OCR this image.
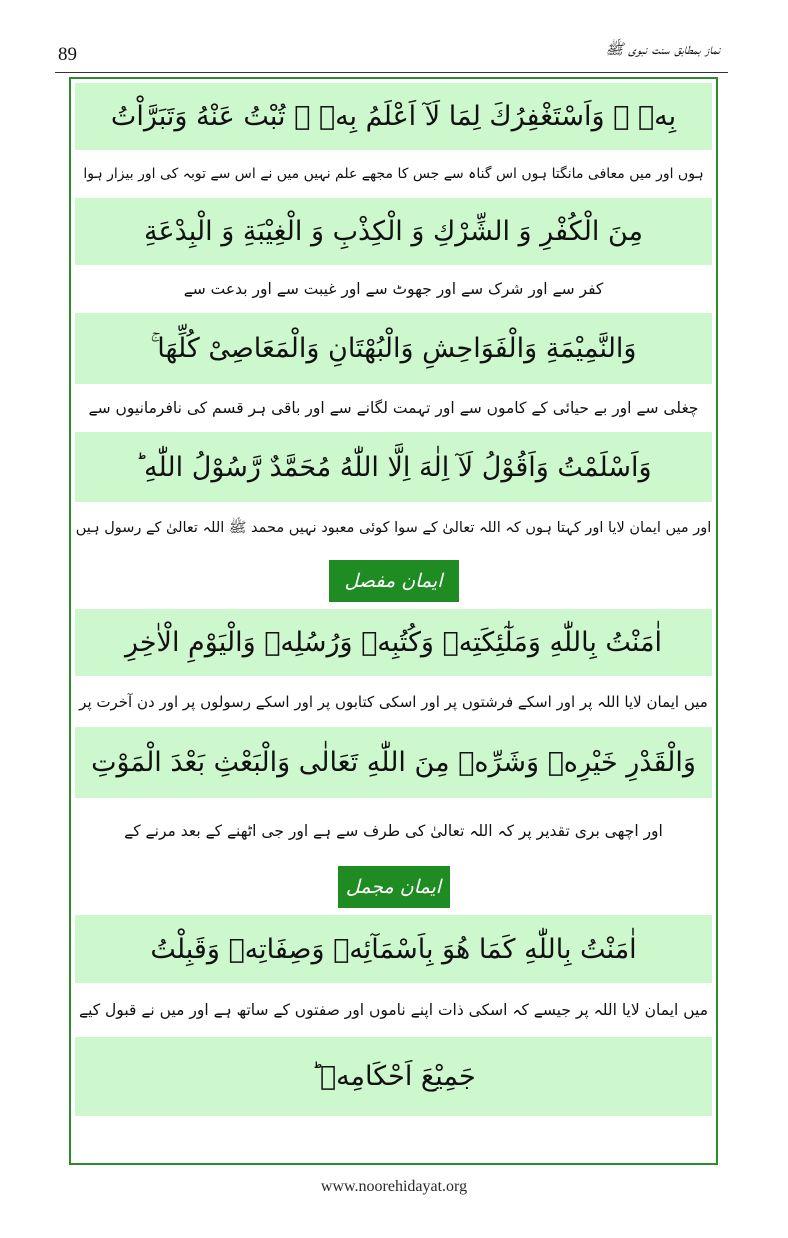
89	نماز بمطابق سنت نبوی ﷺ
بِهٖ ۚ وَاَسْتَغْفِرُكَ لِمَا لَآ اَعْلَمُ بِهٖ ۚ تُبْتُ عَنْهُ وَتَبَرَّاْتُ
ہوں اور میں معافی مانگتا ہوں اس گناہ سے جس کا مجھے علم نہیں میں نے اس سے توبہ کی اور بیزار ہوا
مِنَ الْكُفْرِ وَ الشِّرْكِ وَ الْكِذْبِ وَ الْغِيْبَةِ وَ الْبِدْعَةِ
کفر سے اور شرک سے اور جھوٹ سے اور غیبت سے اور بدعت سے
وَالنَّمِيْمَةِ وَالْفَوَاحِشِ وَالْبُهْتَانِ وَالْمَعَاصِىْ كُلِّهَا ۚ
چغلی سے اور بے حیائی کے کاموں سے اور تہمت لگانے سے اور باقی ہر قسم کی نافرمانیوں سے
وَاَسْلَمْتُ وَاَقُوْلُ لَآ اِلٰهَ اِلَّا اللّٰهُ مُحَمَّدٌ رَّسُوْلُ اللّٰهِ ؕ
اور میں ایمان لایا اور کہتا ہوں کہ اللہ تعالیٰ کے سوا کوئی معبود نہیں محمد ﷺ اللہ تعالیٰ کے رسول ہیں
ایمان مفصل
اٰمَنْتُ بِاللّٰهِ وَمَلٰٓئِكَتِهٖ وَكُتُبِهٖ وَرُسُلِهٖ وَالْيَوْمِ الْاٰخِرِ
میں ایمان لایا اللہ پر اور اسکے فرشتوں پر اور اسکی کتابوں پر اور اسکے رسولوں پر اور دن آخرت پر
وَالْقَدْرِ خَيْرِهٖ وَشَرِّهٖ مِنَ اللّٰهِ تَعَالٰى وَالْبَعْثِ بَعْدَ الْمَوْتِ
اور اچھی بری تقدیر پر کہ اللہ تعالیٰ کی طرف سے ہے اور جی اٹھنے کے بعد مرنے کے
ایمان مجمل
اٰمَنْتُ بِاللّٰهِ كَمَا هُوَ بِاَسْمَآئِهٖ وَصِفَاتِهٖ وَقَبِلْتُ
میں ایمان لایا اللہ پر جیسے کہ اسکی ذات اپنے ناموں اور صفتوں کے ساتھ ہے اور میں نے قبول کیے
جَمِيْعَ اَحْكَامِهٖ ؕ
www.noorehidayat.org
